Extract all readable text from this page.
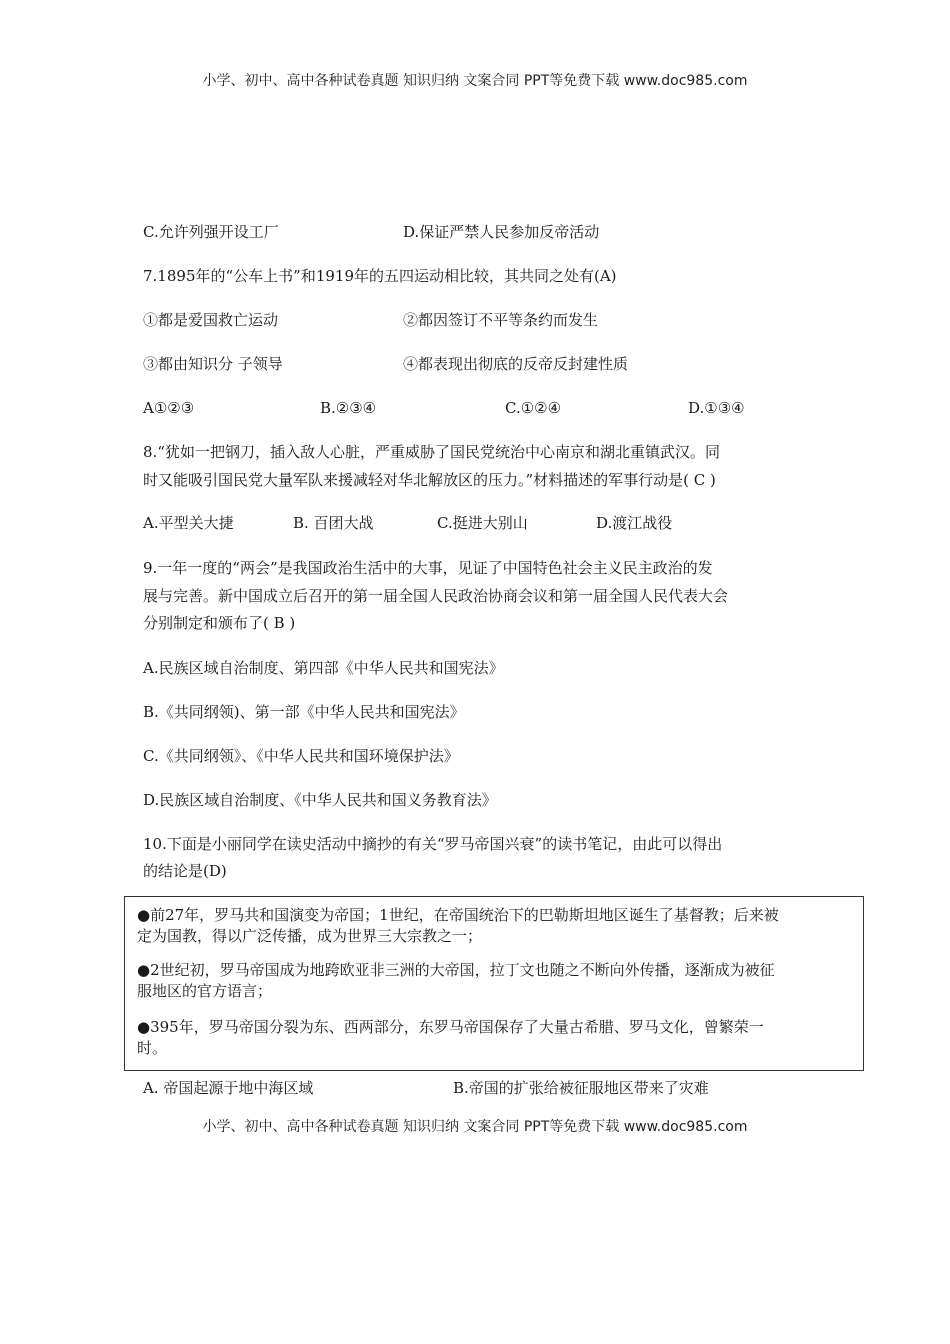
小学、初中、高中各种试卷真题 知识归纳 文案合同 PPT等免费下载 www.doc985.com
C.允许列强开设工厂	D.保证严禁人民参加反帝活动
7.1895年的“公车上书”和1919年的五四运动相比较，其共同之处有(A)
①都是爱国救亡运动	②都因签订不平等条约而发生
③都由知识分 子领导	④都表现出彻底的反帝反封建性质
A①②③	B.②③④	C.①②④	D.①③④
8.“犹如一把钢刀，插入敌人心脏，严重威胁了国民党统治中心南京和湖北重镇武汉。同
时又能吸引国民党大量军队来援减轻对华北解放区的压力。”材料描述的军事行动是( C )
A.平型关大捷	B. 百团大战	C.挺进大别山	D.渡江战役
9.一年一度的“两会”是我国政治生活中的大事，见证了中国特色社会主义民主政治的发
展与完善。新中国成立后召开的第一届全国人民政治协商会议和第一届全国人民代表大会
分别制定和颁布了( B )
A.民族区域自治制度、第四部《中华人民共和国宪法》
B.《共同纲领)、第一部《中华人民共和国宪法》
C.《共同纲领》、《中华人民共和国环境保护法》
D.民族区域自治制度、《中华人民共和国义务教育法》
10.下面是小丽同学在读史活动中摘抄的有关“罗马帝国兴衰”的读书笔记，由此可以得出
的结论是(D)
●前27年，罗马共和国演变为帝国；1世纪，在帝国统治下的巴勒斯坦地区诞生了基督教；后来被
定为国教，得以广泛传播，成为世界三大宗教之一；
●2世纪初，罗马帝国成为地跨欧亚非三洲的大帝国，拉丁文也随之不断向外传播，逐渐成为被征
服地区的官方语言；
●395年，罗马帝国分裂为东、西两部分，东罗马帝国保存了大量古希腊、罗马文化，曾繁荣一
时。
A. 帝国起源于地中海区域	B.帝国的扩张给被征服地区带来了灾难
小学、初中、高中各种试卷真题 知识归纳 文案合同 PPT等免费下载 www.doc985.com
